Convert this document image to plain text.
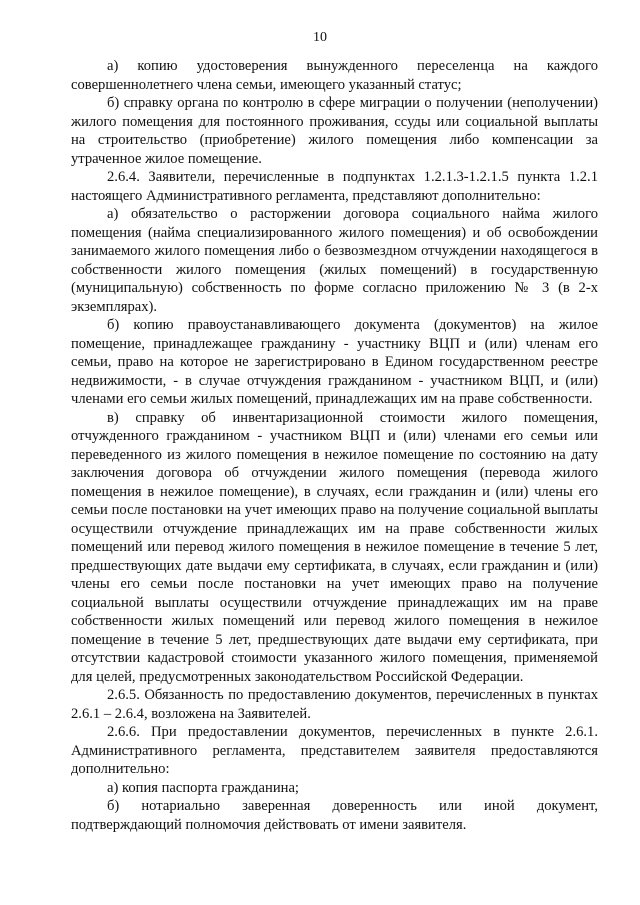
10

а) копию удостоверения вынужденного переселенца на каждого совершеннолетнего члена семьи, имеющего указанный статус;

б) справку органа по контролю в сфере миграции о получении (неполучении) жилого помещения для постоянного проживания, ссуды или социальной выплаты на строительство (приобретение) жилого помещения либо компенсации за утраченное жилое помещение.

2.6.4. Заявители, перечисленные в подпунктах 1.2.1.3-1.2.1.5 пункта 1.2.1 настоящего Административного регламента, представляют дополнительно:

а) обязательство о расторжении договора социального найма жилого помещения (найма специализированного жилого помещения) и об освобождении занимаемого жилого помещения либо о безвозмездном отчуждении находящегося в собственности жилого помещения (жилых помещений) в государственную (муниципальную) собственность по форме согласно приложению № 3 (в 2-х экземплярах).

б) копию правоустанавливающего документа (документов) на жилое помещение, принадлежащее гражданину - участнику ВЦП и (или) членам его семьи, право на которое не зарегистрировано в Едином государственном реестре недвижимости, - в случае отчуждения гражданином - участником ВЦП, и (или) членами его семьи жилых помещений, принадлежащих им на праве собственности.

в) справку об инвентаризационной стоимости жилого помещения, отчужденного гражданином - участником ВЦП и (или) членами его семьи или переведенного из жилого помещения в нежилое помещение по состоянию на дату заключения договора об отчуждении жилого помещения (перевода жилого помещения в нежилое помещение), в случаях, если гражданин и (или) члены его семьи после постановки на учет имеющих право на получение социальной выплаты осуществили отчуждение принадлежащих им на праве собственности жилых помещений или перевод жилого помещения в нежилое помещение в течение 5 лет, предшествующих дате выдачи ему сертификата, в случаях, если гражданин и (или) члены его семьи после постановки на учет имеющих право на получение социальной выплаты осуществили отчуждение принадлежащих им на праве собственности жилых помещений или перевод жилого помещения в нежилое помещение в течение 5 лет, предшествующих дате выдачи ему сертификата, при отсутствии кадастровой стоимости указанного жилого помещения, применяемой для целей, предусмотренных законодательством Российской Федерации.

2.6.5. Обязанность по предоставлению документов, перечисленных в пунктах 2.6.1 – 2.6.4, возложена на Заявителей.

2.6.6. При предоставлении документов, перечисленных в пункте 2.6.1. Административного регламента, представителем заявителя предоставляются дополнительно:

а) копия паспорта гражданина;

б) нотариально заверенная доверенность или иной документ, подтверждающий полномочия действовать от имени заявителя.
